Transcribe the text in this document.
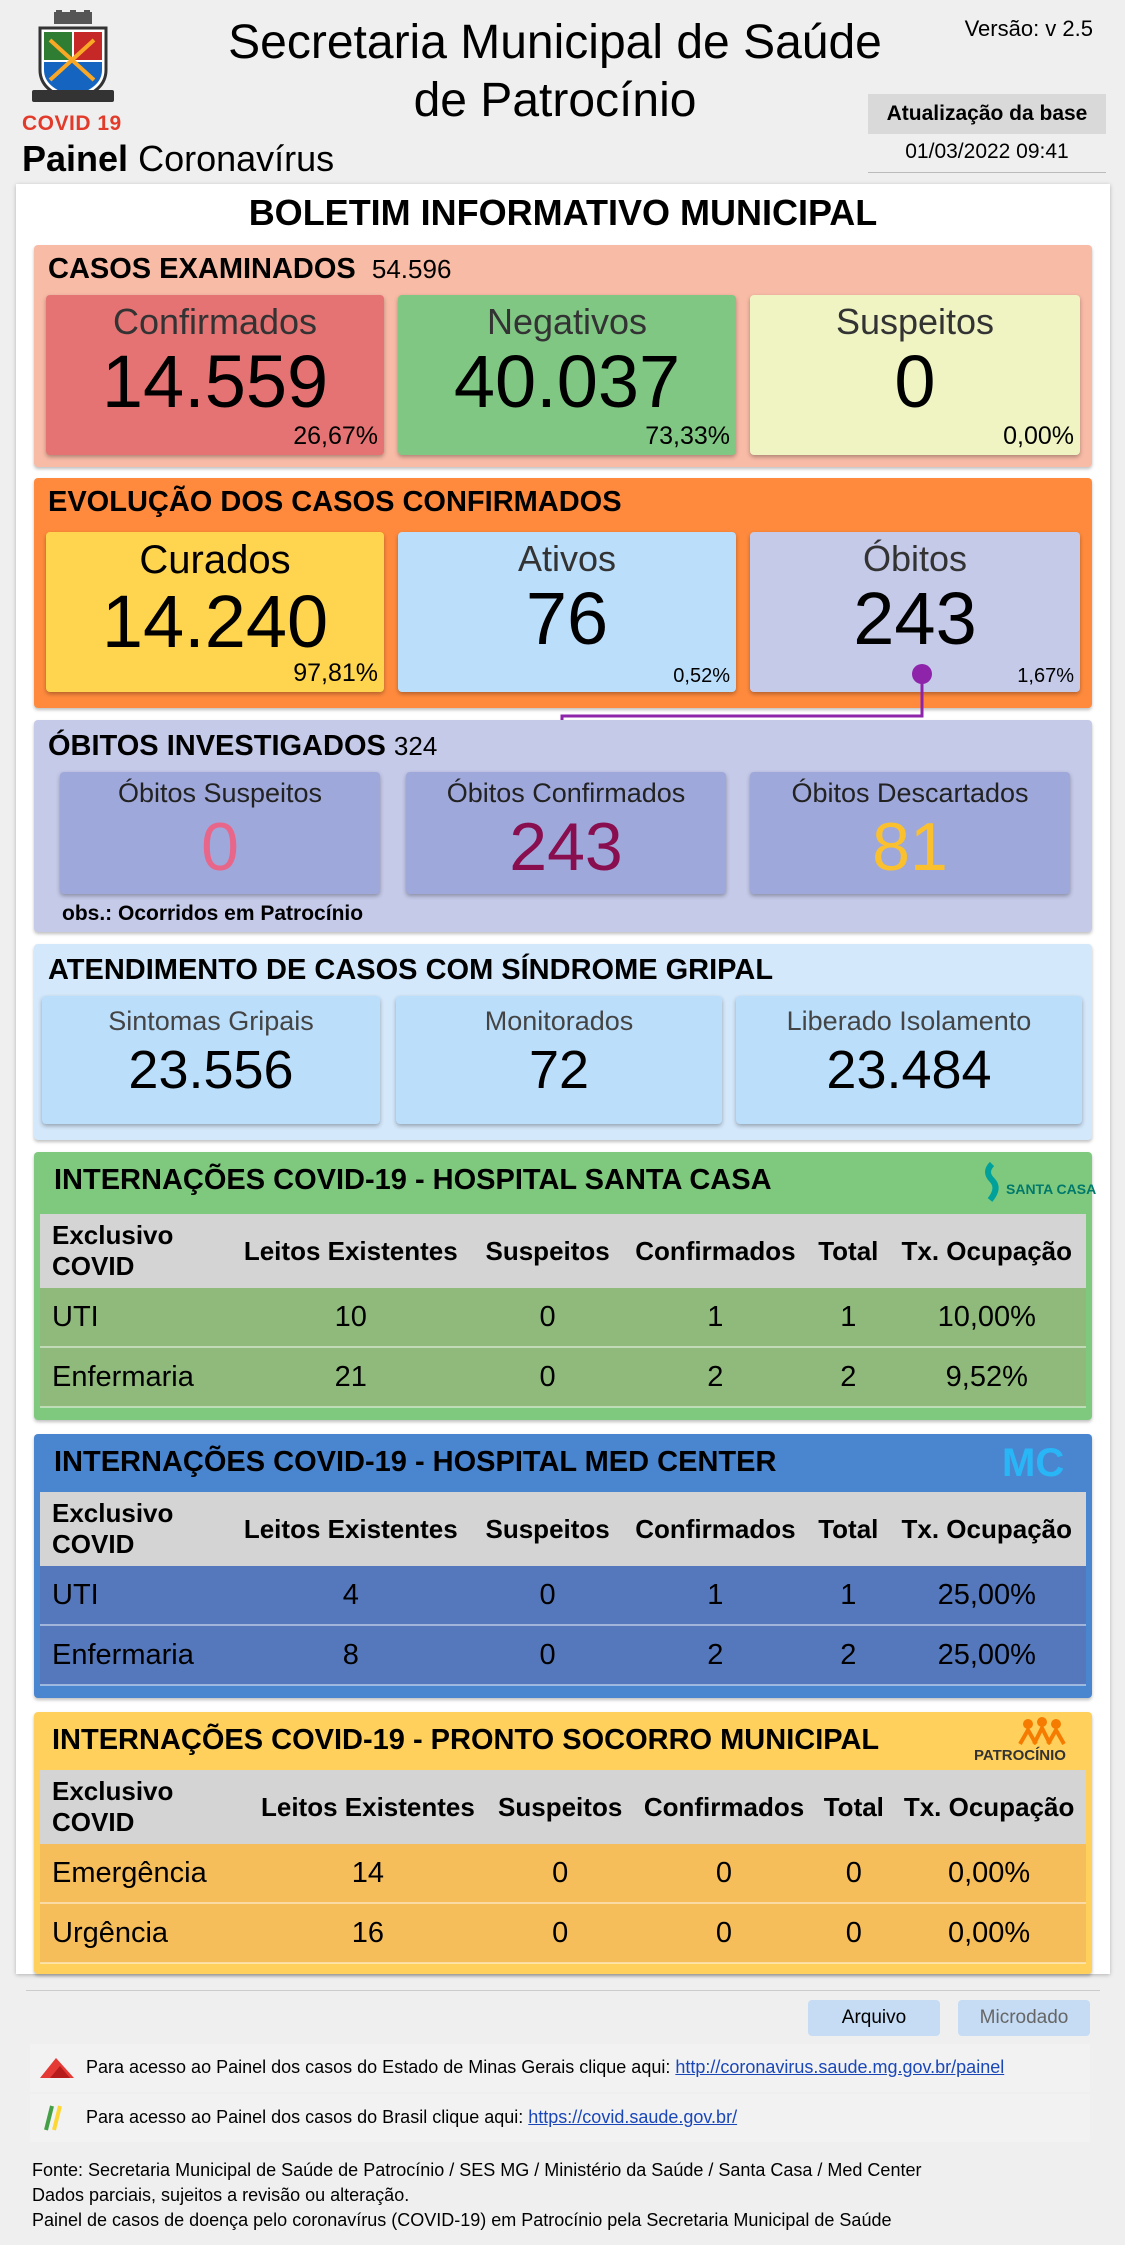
COVID 19
Painel Coronavírus
Secretaria Municipal de Saúde de Patrocínio
Versão: v 2.5
Atualização da base
01/03/2022 09:41
BOLETIM INFORMATIVO MUNICIPAL
CASOS EXAMINADOS 54.596
Confirmados
14.559
26,67%
Negativos
40.037
73,33%
Suspeitos
0
0,00%
EVOLUÇÃO DOS CASOS CONFIRMADOS
Curados
14.240
97,81%
Ativos
76
0,52%
Óbitos
243
1,67%
ÓBITOS INVESTIGADOS 324
Óbitos Suspeitos
0
Óbitos Confirmados
243
Óbitos Descartados
81
obs.: Ocorridos em Patrocínio
ATENDIMENTO DE CASOS COM SÍNDROME GRIPAL
Sintomas Gripais
23.556
Monitorados
72
Liberado Isolamento
23.484
INTERNAÇÕES COVID-19 - HOSPITAL SANTA CASA	SANTA CASA
Exclusivo COVID	Leitos Existentes	Suspeitos	Confirmados	Total	Tx. Ocupação
UTI	10	0	1	1	10,00%
Enfermaria	21	0	2	2	9,52%
INTERNAÇÕES COVID-19 - HOSPITAL MED CENTER	MC
Exclusivo COVID	Leitos Existentes	Suspeitos	Confirmados	Total	Tx. Ocupação
UTI	4	0	1	1	25,00%
Enfermaria	8	0	2	2	25,00%
INTERNAÇÕES COVID-19 - PRONTO SOCORRO MUNICIPAL	PATROCÍNIO
Exclusivo COVID	Leitos Existentes	Suspeitos	Confirmados	Total	Tx. Ocupação
Emergência	14	0	0	0	0,00%
Urgência	16	0	0	0	0,00%
Arquivo	Microdado
Para acesso ao Painel dos casos do Estado de Minas Gerais clique aqui: http://coronavirus.saude.mg.gov.br/painel
Para acesso ao Painel dos casos do Brasil clique aqui: https://covid.saude.gov.br/
Fonte: Secretaria Municipal de Saúde de Patrocínio / SES MG / Ministério da Saúde / Santa Casa / Med Center
Dados parciais, sujeitos a revisão ou alteração.
Painel de casos de doença pelo coronavírus (COVID-19) em Patrocínio pela Secretaria Municipal de Saúde
